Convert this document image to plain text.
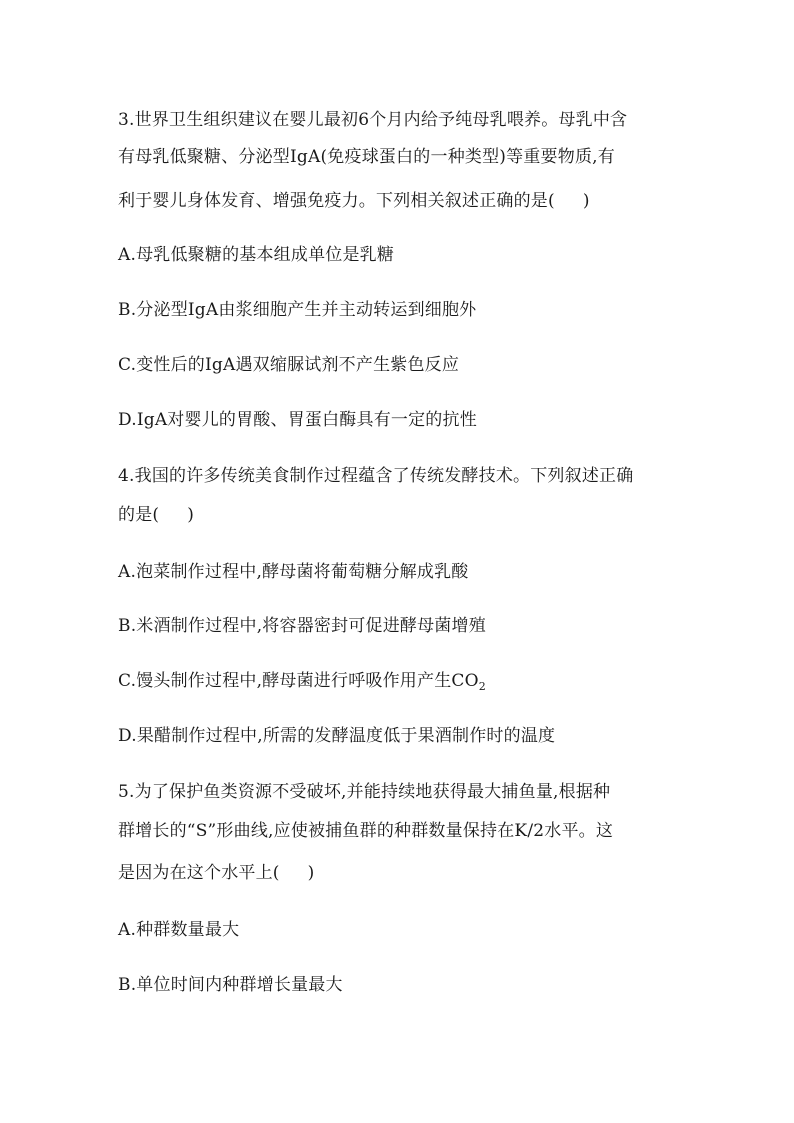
3.世界卫生组织建议在婴儿最初6个月内给予纯母乳喂养。母乳中含
有母乳低聚糖、分泌型IgA(免疫球蛋白的一种类型)等重要物质,有
利于婴儿身体发育、增强免疫力。下列相关叙述正确的是( )
A.母乳低聚糖的基本组成单位是乳糖
B.分泌型IgA由浆细胞产生并主动转运到细胞外
C.变性后的IgA遇双缩脲试剂不产生紫色反应
D.IgA对婴儿的胃酸、胃蛋白酶具有一定的抗性
4.我国的许多传统美食制作过程蕴含了传统发酵技术。下列叙述正确
的是( )
A.泡菜制作过程中,酵母菌将葡萄糖分解成乳酸
B.米酒制作过程中,将容器密封可促进酵母菌增殖
C.馒头制作过程中,酵母菌进行呼吸作用产生$CO_2$
D.果醋制作过程中,所需的发酵温度低于果酒制作时的温度
5.为了保护鱼类资源不受破坏,并能持续地获得最大捕鱼量,根据种
群增长的“S”形曲线,应使被捕鱼群的种群数量保持在K/2水平。这
是因为在这个水平上( )
A.种群数量最大
B.单位时间内种群增长量最大
